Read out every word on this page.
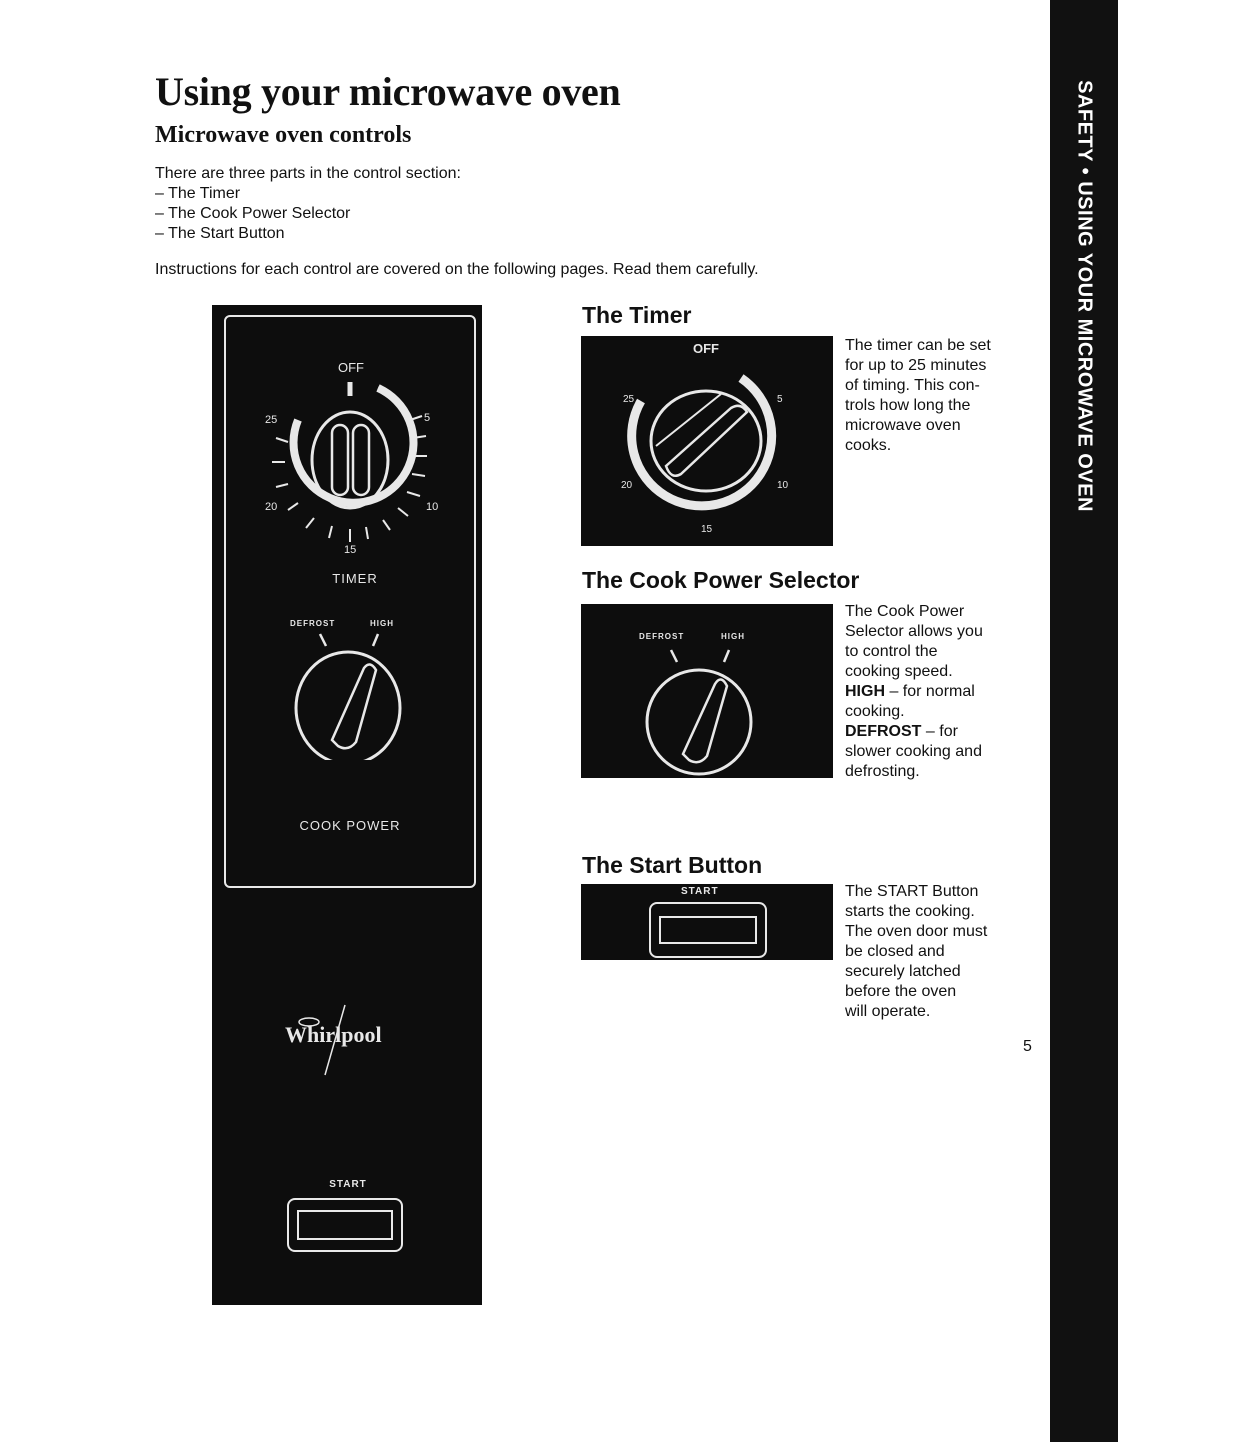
Using your microwave oven
Microwave oven controls
There are three parts in the control section:
– The Timer
– The Cook Power Selector
– The Start Button
Instructions for each control are covered on the following pages. Read them carefully.	SAFETY • USING YOUR MICROWAVE OVEN
OFF
25
20
15
10
5
TIMER
DEFROST	HIGH
COOK POWER
Whirlpool
START
The Timer
OFF
25
20
15
10
5
The timer can be set
for up to 25 minutes
of timing. This con-
trols how long the
microwave oven
cooks.
The Cook Power Selector
DEFROST	HIGH
The Cook Power
Selector allows you
to control the
cooking speed.
HIGH – for normal
cooking.
DEFROST – for
slower cooking and
defrosting.
The Start Button
START	The START Button
starts the cooking.
The oven door must
be closed and
securely latched
before the oven
will operate.
5
